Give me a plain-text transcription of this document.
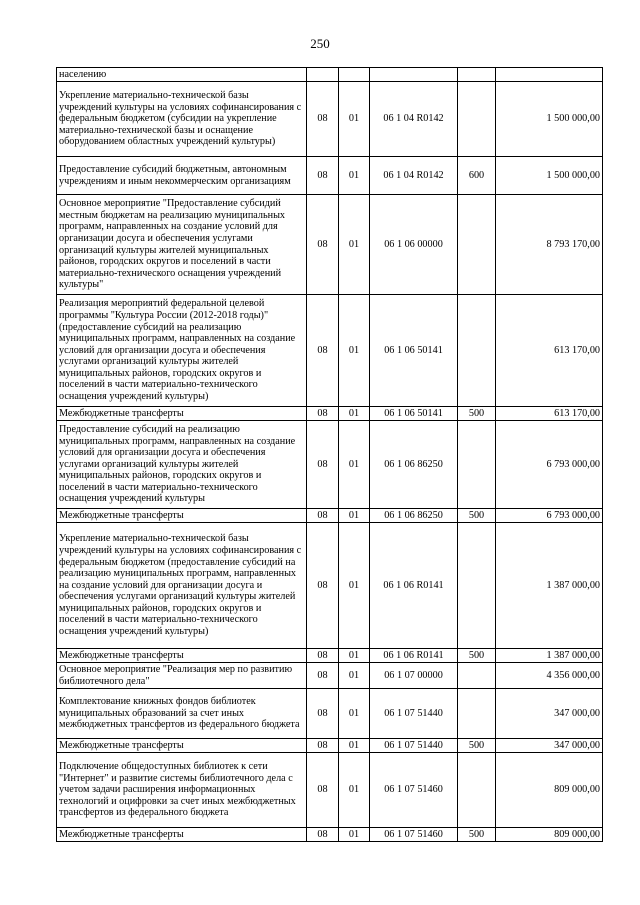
250
населению					
Укрепление материально-технической базы учреждений культуры на условиях софинансирования с федеральным бюджетом (субсидии на укрепление материально-технической базы и оснащение оборудованием областных учреждений культуры)	08	01	06 1 04 R0142		1 500 000,00
Предоставление субсидий бюджетным, автономным учреждениям и иным некоммерческим организациям	08	01	06 1 04 R0142	600	1 500 000,00
Основное мероприятие "Предоставление субсидий местным бюджетам на реализацию муниципальных программ, направленных на создание условий для организации досуга и обеспечения услугами организаций культуры жителей муниципальных районов, городских округов и поселений в части материально-технического оснащения учреждений культуры"	08	01	06 1 06 00000		8 793 170,00
Реализация мероприятий федеральной целевой программы "Культура России (2012-2018 годы)" (предоставление субсидий на реализацию муниципальных программ, направленных на создание условий для организации досуга и обеспечения услугами организаций культуры жителей муниципальных районов, городских округов и поселений в части материально-технического оснащения учреждений культуры)	08	01	06 1 06 50141		613 170,00
Межбюджетные трансферты	08	01	06 1 06 50141	500	613 170,00
Предоставление субсидий на реализацию муниципальных программ, направленных на создание условий для организации досуга и обеспечения услугами организаций культуры жителей муниципальных районов, городских округов и поселений в части материально-технического оснащения учреждений культуры	08	01	06 1 06 86250		6 793 000,00
Межбюджетные трансферты	08	01	06 1 06 86250	500	6 793 000,00
Укрепление материально-технической базы учреждений культуры на условиях софинансирования с федеральным бюджетом (предоставление субсидий на реализацию муниципальных программ, направленных на создание условий для организации досуга и обеспечения услугами организаций культуры жителей муниципальных районов, городских округов и поселений в части материально-технического оснащения учреждений культуры)	08	01	06 1 06 R0141		1 387 000,00
Межбюджетные трансферты	08	01	06 1 06 R0141	500	1 387 000,00
Основное мероприятие "Реализация мер по развитию библиотечного дела"	08	01	06 1 07 00000		4 356 000,00
Комплектование книжных фондов библиотек муниципальных образований за счет иных межбюджетных трансфертов из федерального бюджета	08	01	06 1 07 51440		347 000,00
Межбюджетные трансферты	08	01	06 1 07 51440	500	347 000,00
Подключение общедоступных библиотек к сети "Интернет" и развитие системы библиотечного дела с учетом задачи расширения информационных технологий и оцифровки за счет иных межбюджетных трансфертов из федерального бюджета	08	01	06 1 07 51460		809 000,00
Межбюджетные трансферты	08	01	06 1 07 51460	500	809 000,00
